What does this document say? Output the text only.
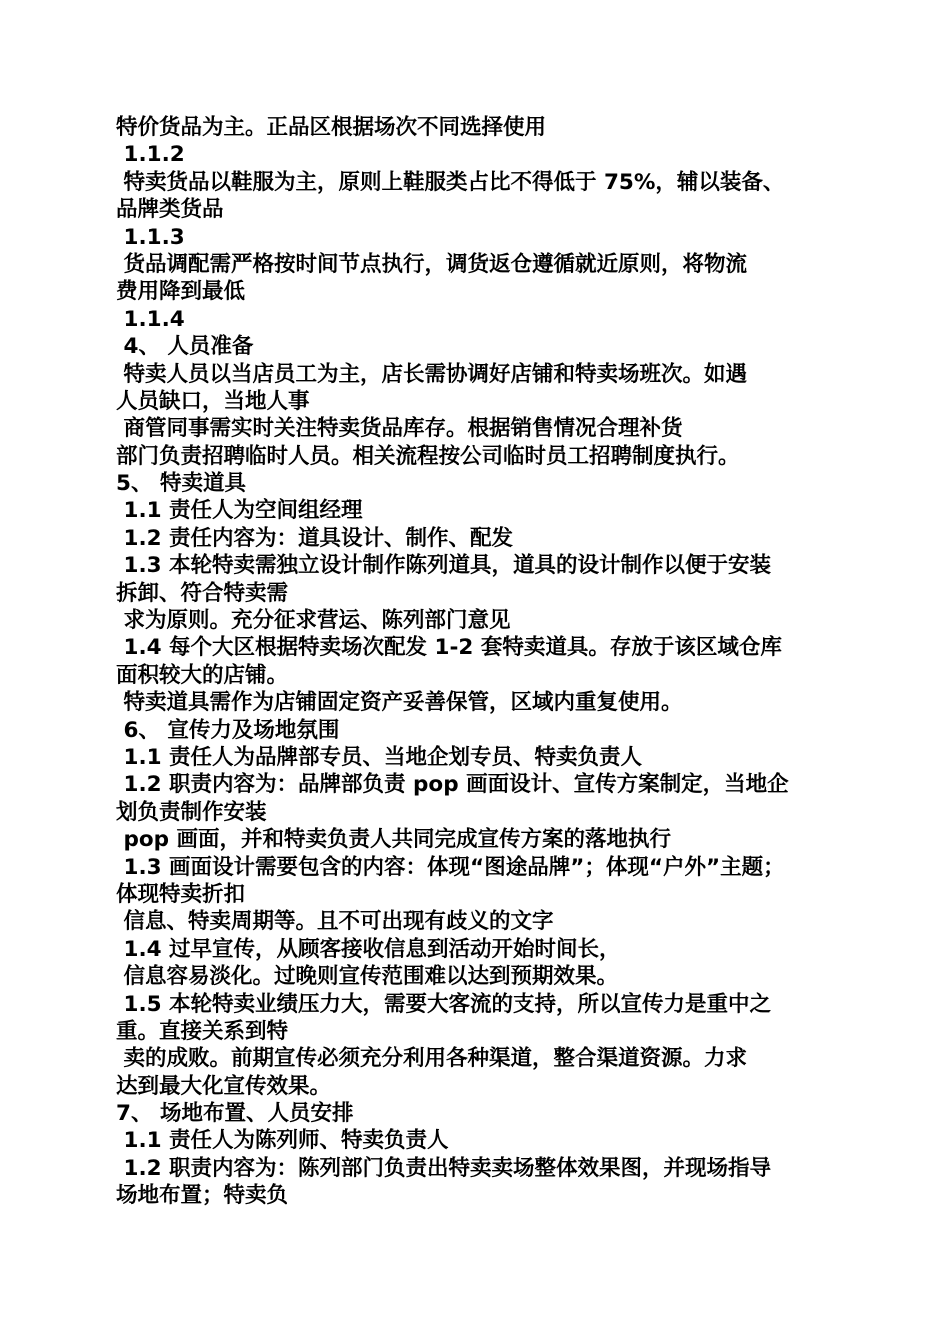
特价货品为主。正品区根据场次不同选择使用
1.1.2
特卖货品以鞋服为主，原则上鞋服类占比不得低于 75%，辅以装备、
品牌类货品
1.1.3
货品调配需严格按时间节点执行，调货返仓遵循就近原则，将物流
费用降到最低
1.1.4
4、 人员准备
特卖人员以当店员工为主，店长需协调好店铺和特卖场班次。如遇
人员缺口，当地人事
商管同事需实时关注特卖货品库存。根据销售情况合理补货
部门负责招聘临时人员。相关流程按公司临时员工招聘制度执行。
5、 特卖道具
1.1 责任人为空间组经理
1.2 责任内容为：道具设计、制作、配发
1.3 本轮特卖需独立设计制作陈列道具，道具的设计制作以便于安装
拆卸、符合特卖需
求为原则。充分征求营运、陈列部门意见
1.4 每个大区根据特卖场次配发 1-2 套特卖道具。存放于该区域仓库
面积较大的店铺。
特卖道具需作为店铺固定资产妥善保管，区域内重复使用。
6、 宣传力及场地氛围
1.1 责任人为品牌部专员、当地企划专员、特卖负责人
1.2 职责内容为：品牌部负责 pop 画面设计、宣传方案制定，当地企
划负责制作安装
pop 画面，并和特卖负责人共同完成宣传方案的落地执行
1.3 画面设计需要包含的内容：体现“图途品牌”；体现“户外”主题；
体现特卖折扣
信息、特卖周期等。且不可出现有歧义的文字
1.4 过早宣传，从顾客接收信息到活动开始时间长，
信息容易淡化。过晚则宣传范围难以达到预期效果。
1.5 本轮特卖业绩压力大，需要大客流的支持，所以宣传力是重中之
重。直接关系到特
卖的成败。前期宣传必须充分利用各种渠道，整合渠道资源。力求
达到最大化宣传效果。
7、 场地布置、人员安排
1.1 责任人为陈列师、特卖负责人
1.2 职责内容为：陈列部门负责出特卖卖场整体效果图，并现场指导
场地布置；特卖负
